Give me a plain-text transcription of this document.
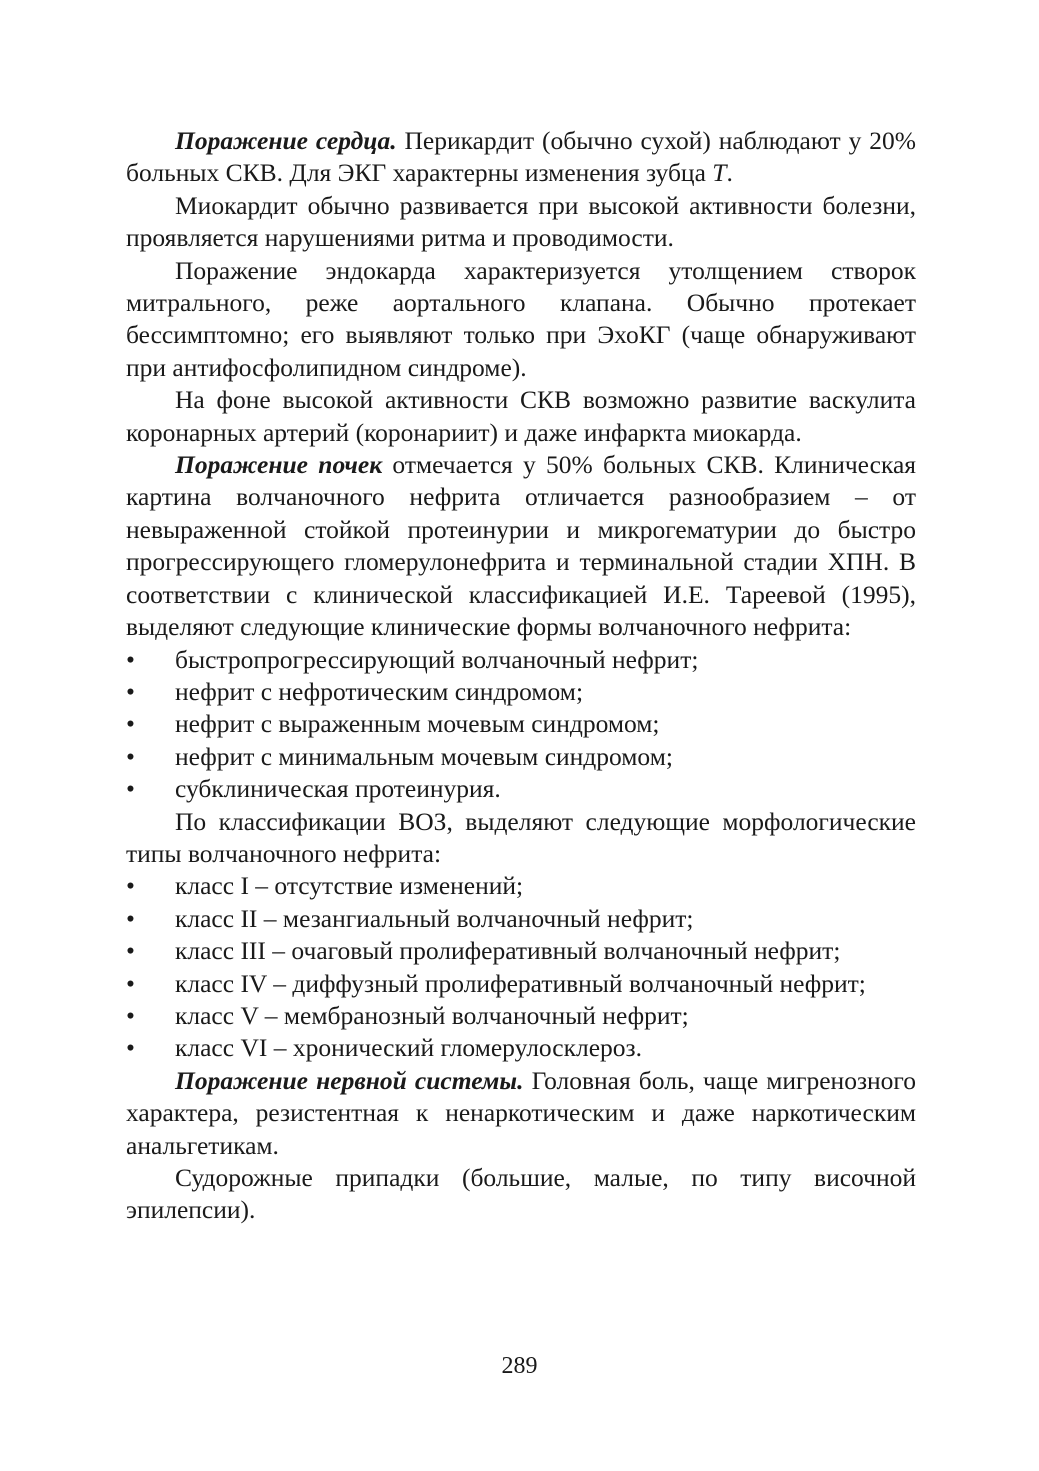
Поражение сердца. Перикардит (обычно сухой) наблюдают у 20% больных СКВ. Для ЭКГ характерны изменения зубца T.

Миокардит обычно развивается при высокой активности болезни, проявляется нарушениями ритма и проводимости.

Поражение эндокарда характеризуется утолщением створок митрального, реже аортального клапана. Обычно протекает бессимптомно; его выявляют только при ЭхоКГ (чаще обнаруживают при антифосфолипидном синдроме).

На фоне высокой активности СКВ возможно развитие васкулита коронарных артерий (коронариит) и даже инфаркта миокарда.

Поражение почек отмечается у 50% больных СКВ. Клиническая картина волчаночного нефрита отличается разнообразием – от невыраженной стойкой протеинурии и микрогематурии до быстро прогрессирующего гломерулонефрита и терминальной стадии ХПН. В соответствии с клинической классификацией И.Е. Тареевой (1995), выделяют следующие клинические формы волчаночного нефрита:

• быстропрогрессирующий волчаночный нефрит;
• нефрит с нефротическим синдромом;
• нефрит с выраженным мочевым синдромом;
• нефрит с минимальным мочевым синдромом;
• субклиническая протеинурия.

По классификации ВОЗ, выделяют следующие морфологические типы волчаночного нефрита:

• класс I – отсутствие изменений;
• класс II – мезангиальный волчаночный нефрит;
• класс III – очаговый пролиферативный волчаночный нефрит;
• класс IV – диффузный пролиферативный волчаночный нефрит;
• класс V – мембранозный волчаночный нефрит;
• класс VI – хронический гломерулосклероз.

Поражение нервной системы. Головная боль, чаще мигренозного характера, резистентная к ненаркотическим и даже наркотическим анальгетикам.

Судорожные припадки (большие, малые, по типу височной эпилепсии).

289
